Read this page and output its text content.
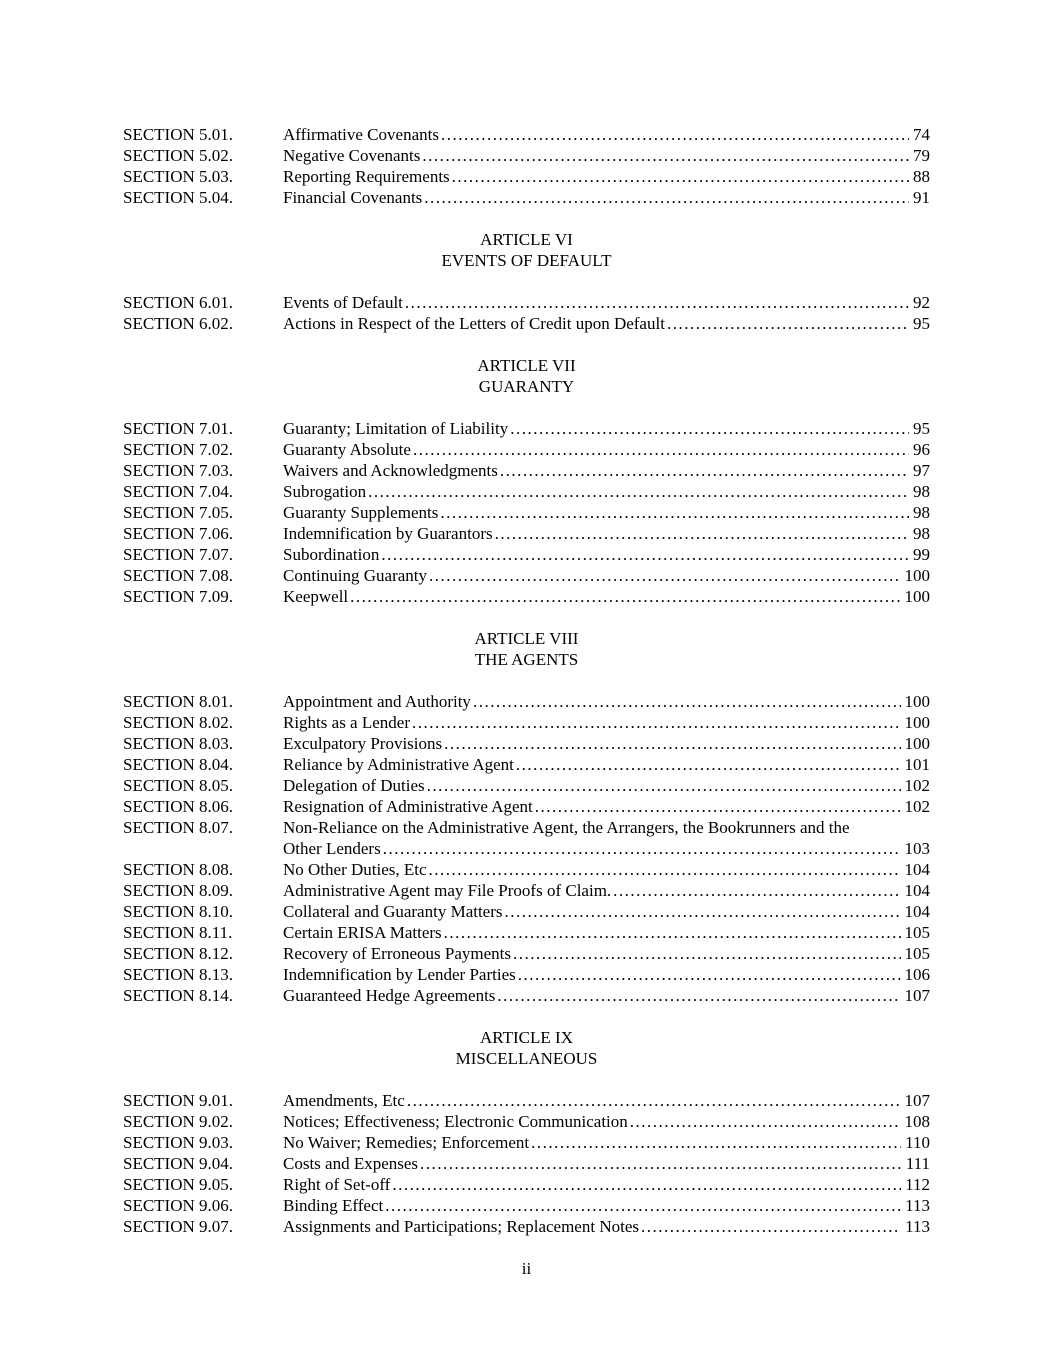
SECTION 5.01.	Affirmative Covenants .....	74
SECTION 5.02.	Negative Covenants .....	79
SECTION 5.03.	Reporting Requirements .....	88
SECTION 5.04.	Financial Covenants .....	91
ARTICLE VI
EVENTS OF DEFAULT
SECTION 6.01.	Events of Default .....	92
SECTION 6.02.	Actions in Respect of the Letters of Credit upon Default .....	95
ARTICLE VII
GUARANTY
SECTION 7.01.	Guaranty; Limitation of Liability .....	95
SECTION 7.02.	Guaranty Absolute .....	96
SECTION 7.03.	Waivers and Acknowledgments .....	97
SECTION 7.04.	Subrogation .....	98
SECTION 7.05.	Guaranty Supplements .....	98
SECTION 7.06.	Indemnification by Guarantors .....	98
SECTION 7.07.	Subordination .....	99
SECTION 7.08.	Continuing Guaranty .....	100
SECTION 7.09.	Keepwell .....	100
ARTICLE VIII
THE AGENTS
SECTION 8.01.	Appointment and Authority .....	100
SECTION 8.02.	Rights as a Lender .....	100
SECTION 8.03.	Exculpatory Provisions .....	100
SECTION 8.04.	Reliance by Administrative Agent .....	101
SECTION 8.05.	Delegation of Duties .....	102
SECTION 8.06.	Resignation of Administrative Agent .....	102
SECTION 8.07.	Non-Reliance on the Administrative Agent, the Arrangers, the Bookrunners and the
Other Lenders .....	103
SECTION 8.08.	No Other Duties, Etc .....	104
SECTION 8.09.	Administrative Agent may File Proofs of Claim. .....	104
SECTION 8.10.	Collateral and Guaranty Matters .....	104
SECTION 8.11.	Certain ERISA Matters .....	105
SECTION 8.12.	Recovery of Erroneous Payments .....	105
SECTION 8.13.	Indemnification by Lender Parties .....	106
SECTION 8.14.	Guaranteed Hedge Agreements .....	107
ARTICLE IX
MISCELLANEOUS
SECTION 9.01.	Amendments, Etc .....	107
SECTION 9.02.	Notices; Effectiveness; Electronic Communication .....	108
SECTION 9.03.	No Waiver; Remedies; Enforcement .....	110
SECTION 9.04.	Costs and Expenses .....	111
SECTION 9.05.	Right of Set-off .....	112
SECTION 9.06.	Binding Effect .....	113
SECTION 9.07.	Assignments and Participations; Replacement Notes .....	113
ii
